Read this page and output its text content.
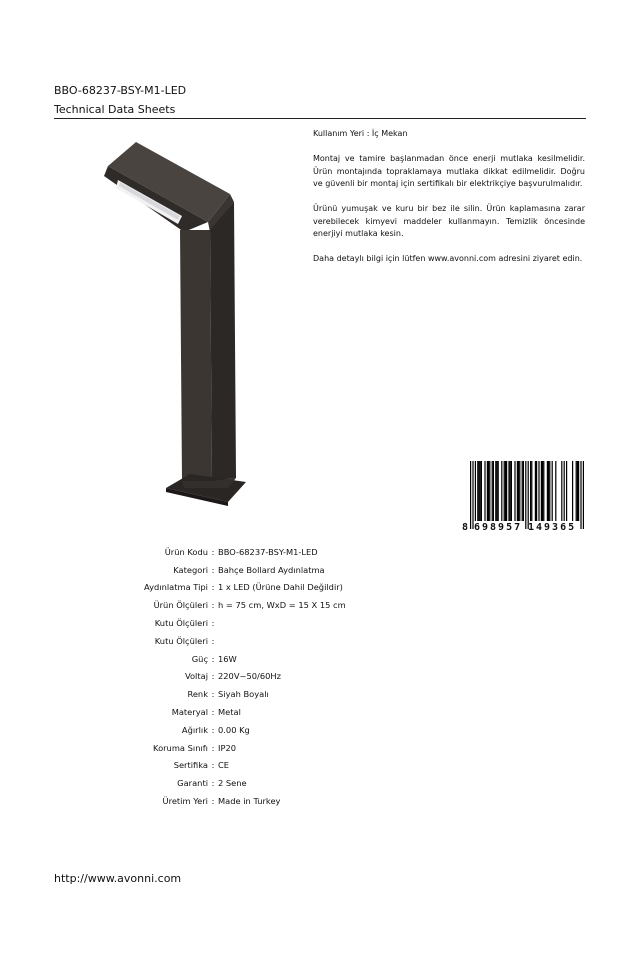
BBO-68237-BSY-M1-LED
Technical Data Sheets

Kullanım Yeri : İç Mekan

Montaj ve tamire başlanmadan önce enerji mutlaka kesilmelidir. Ürün montajında topraklamaya mutlaka dikkat edilmelidir. Doğru ve güvenli bir montaj için sertifikalı bir elektrikçiye başvurulmalıdır.

Ürünü yumuşak ve kuru bir bez ile silin. Ürün kaplamasına zarar verebilecek kimyevi maddeler kullanmayın. Temizlik öncesinde enerjiyi mutlaka kesin.

Daha detaylı bilgi için lütfen www.avonni.com adresini ziyaret edin.

8 698957 149365
Ürün Kodu : BBO-68237-BSY-M1-LED
Kategori : Bahçe Bollard Aydınlatma
Aydınlatma Tipi : 1 x LED (Ürüne Dahil Değildir)
Ürün Ölçüleri : h = 75 cm, WxD = 15 X 15 cm
Kutu Ölçüleri :
Kutu Ölçüleri :
Güç : 16W
Voltaj : 220V~50/60Hz
Renk : Siyah Boyalı
Materyal : Metal
Ağırlık : 0.00 Kg
Koruma Sınıfı : IP20
Sertifika : CE
Garanti : 2 Sene
Üretim Yeri : Made in Turkey
http://www.avonni.com
